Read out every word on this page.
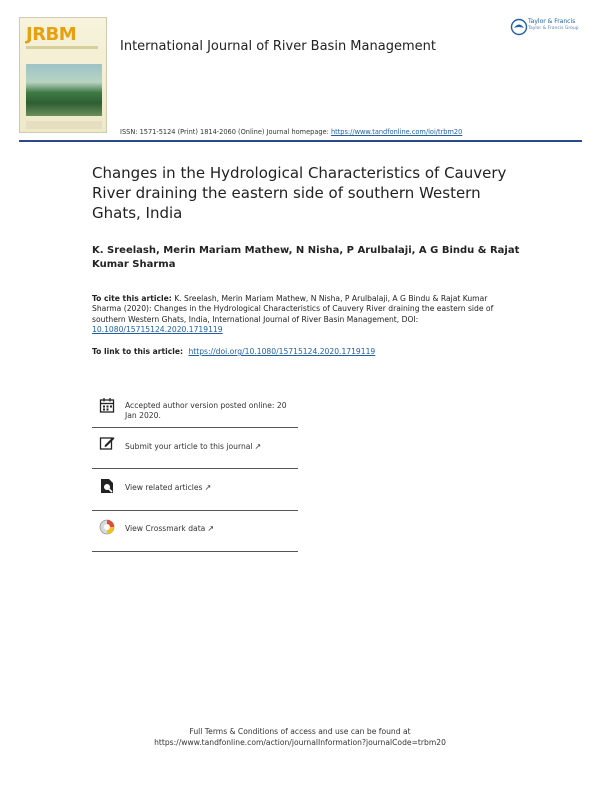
JRBM
International Journal of River Basin Management
Taylor & Francis
Taylor & Francis Group
ISSN: 1571-5124 (Print) 1814-2060 (Online) Journal homepage: https://www.tandfonline.com/loi/trbm20
Changes in the Hydrological Characteristics of Cauvery River draining the eastern side of southern Western Ghats, India
K. Sreelash, Merin Mariam Mathew, N Nisha, P Arulbalaji, A G Bindu & Rajat Kumar Sharma
To cite this article: K. Sreelash, Merin Mariam Mathew, N Nisha, P Arulbalaji, A G Bindu & Rajat Kumar Sharma (2020): Changes in the Hydrological Characteristics of Cauvery River draining the eastern side of southern Western Ghats, India, International Journal of River Basin Management, DOI: 10.1080/15715124.2020.1719119
To link to this article: https://doi.org/10.1080/15715124.2020.1719119
Accepted author version posted online: 20 Jan 2020.
Submit your article to this journal ↗
View related articles ↗
View Crossmark data ↗
Full Terms & Conditions of access and use can be found at
https://www.tandfonline.com/action/journalInformation?journalCode=trbm20
